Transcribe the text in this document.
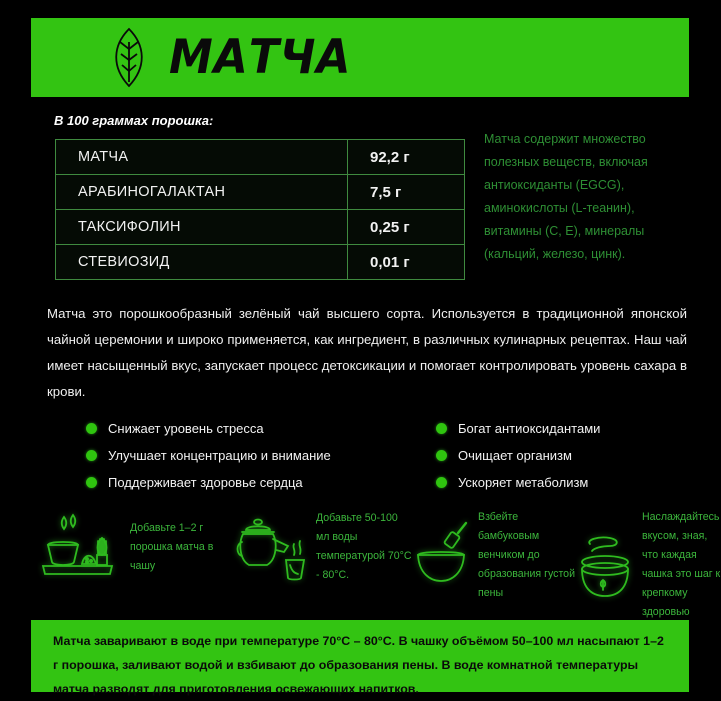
МАТЧА
В 100 граммах порошка:
МАТЧА	92,2 г
АРАБИНОГАЛАКТАН	7,5 г
ТАКСИФОЛИН	0,25 г
СТЕВИОЗИД	0,01 г
Матча содержит множество полезных веществ, включая антиоксиданты (EGCG), аминокислоты (L-теанин), витамины (C, E), минералы (кальций, железо, цинк).
Матча это порошкообразный зелёный чай высшего сорта. Используется в традиционной японской чайной церемонии и широко применяется, как ингредиент, в различных кулинарных рецептах. Наш чай имеет насыщенный вкус, запускает процесс детоксикации и помогает контролировать уровень сахара в крови.
Снижает уровень стресса
Улучшает концентрацию и внимание
Поддерживает здоровье сердца
Богат антиоксидантами
Очищает организм
Ускоряет метаболизм
Добавьте 1–2 г порошка матча в чашу
Добавьте 50-100 мл воды температурой 70°C - 80°C.
Взбейте бамбуковым венчиком до образования густой пены
Наслаждайтесь вкусом, зная, что каждая чашка это шаг к крепкому здоровью
Матча заваривают в воде при температуре 70°C – 80°C. В чашку объёмом 50–100 мл насыпают 1–2 г порошка, заливают водой и взбивают до образования пены. В воде комнатной температуры матча разводят для приготовления освежающих напитков.
